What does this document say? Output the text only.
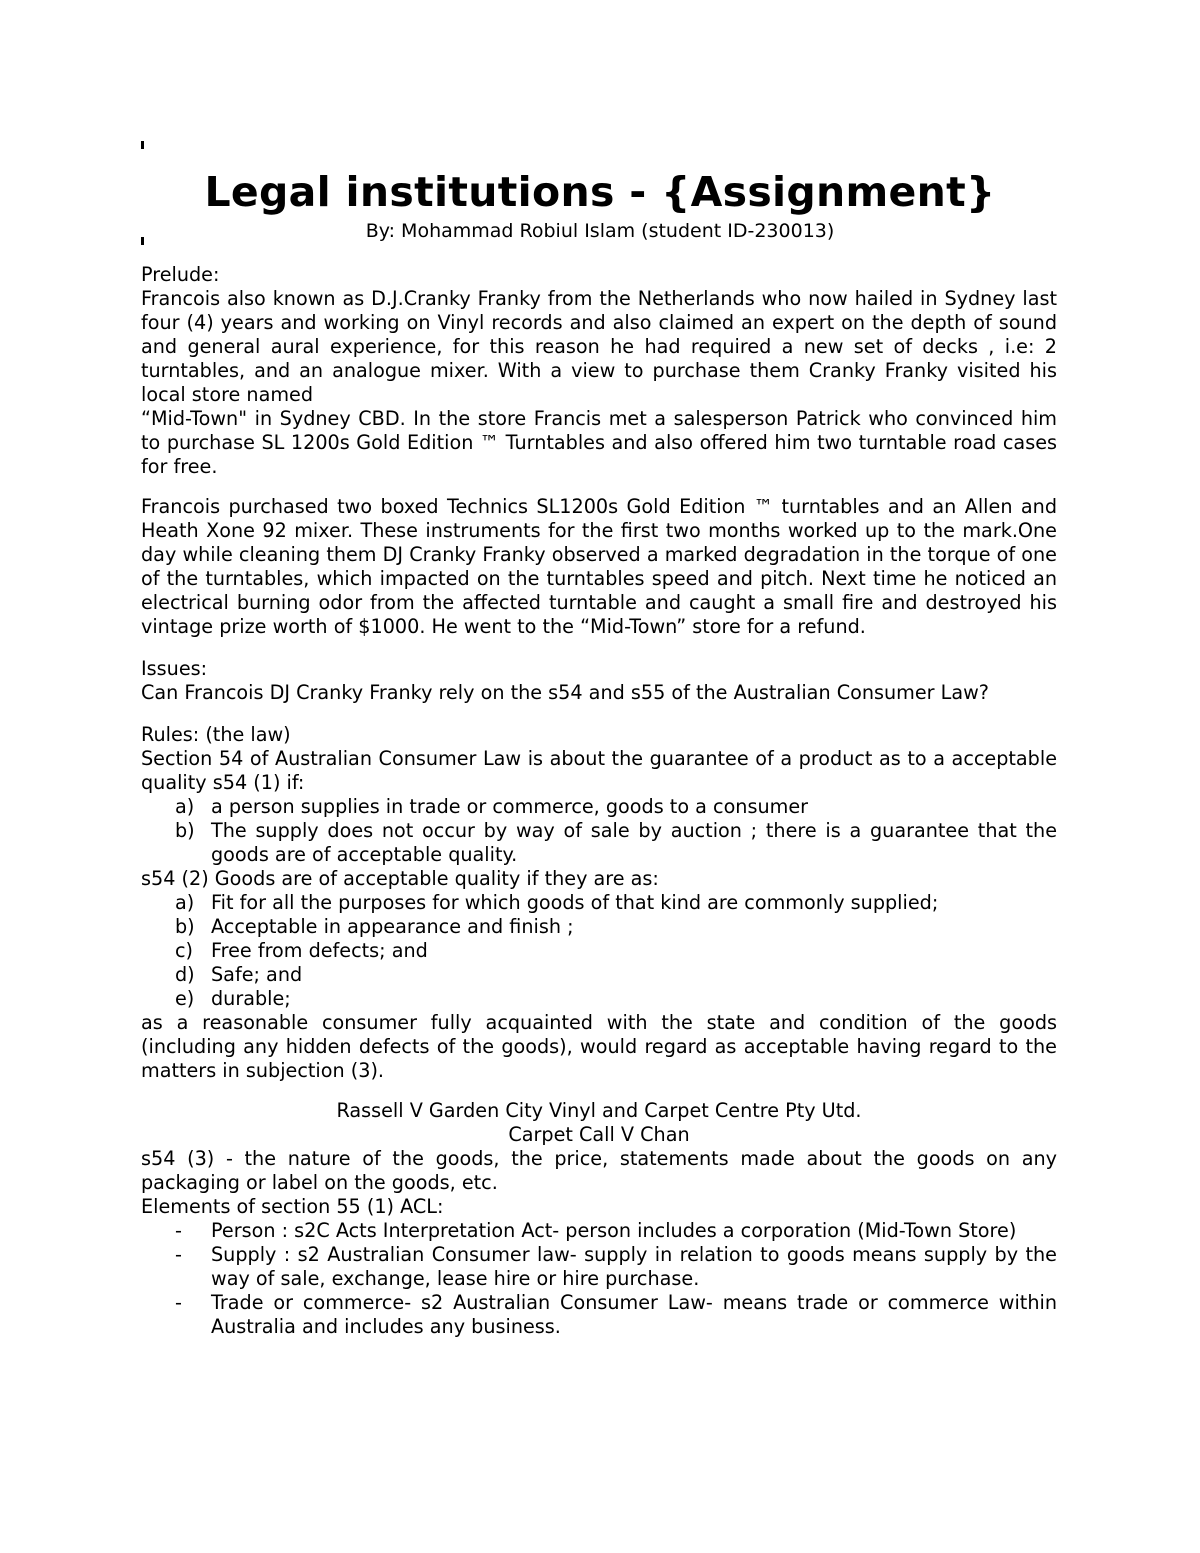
Legal institutions - {Assignment}
By: Mohammad Robiul Islam (student ID-230013)
Prelude:
Francois also known as D.J.Cranky Franky from the Netherlands who now hailed in Sydney last four (4) years and working on Vinyl records and also claimed an expert on the depth of sound and general aural experience, for this reason he had required a new set of decks , i.e: 2 turntables, and an analogue mixer. With a view to purchase them Cranky Franky visited his local store named
“Mid-Town" in Sydney CBD. In the store Francis met a salesperson Patrick who convinced him to purchase SL 1200s Gold Edition ™ Turntables and also offered him two turntable road cases for free.
Francois purchased two boxed Technics SL1200s Gold Edition ™ turntables and an Allen and Heath Xone 92 mixer. These instruments for the first two months worked up to the mark.One day while cleaning them DJ Cranky Franky observed a marked degradation in the torque of one of the turntables, which impacted on the turntables speed and pitch. Next time he noticed an electrical burning odor from the affected turntable and caught a small fire and destroyed his vintage prize worth of $1000. He went to the “Mid-Town” store for a refund.
Issues:
Can Francois DJ Cranky Franky rely on the s54 and s55 of the Australian Consumer Law?
Rules: (the law)
Section 54 of Australian Consumer Law is about the guarantee of a product as to a acceptable quality s54 (1) if:
a) a person supplies in trade or commerce, goods to a consumer
b) The supply does not occur by way of sale by auction ; there is a guarantee that the goods are of acceptable quality.
s54 (2) Goods are of acceptable quality if they are as:
a) Fit for all the purposes for which goods of that kind are commonly supplied;
b) Acceptable in appearance and finish ;
c) Free from defects; and
d) Safe; and
e) durable;
as a reasonable consumer fully acquainted with the state and condition of the goods (including any hidden defects of the goods), would regard as acceptable having regard to the matters in subjection (3).
Rassell V Garden City Vinyl and Carpet Centre Pty Utd.
Carpet Call V Chan
s54 (3) - the nature of the goods, the price, statements made about the goods on any packaging or label on the goods, etc.
Elements of section 55 (1) ACL:
-	Person : s2C Acts Interpretation Act- person includes a corporation (Mid-Town Store)
-	Supply : s2 Australian Consumer law- supply in relation to goods means supply by the way of sale, exchange, lease hire or hire purchase.
-	Trade or commerce- s2 Australian Consumer Law- means trade or commerce within Australia and includes any business.
